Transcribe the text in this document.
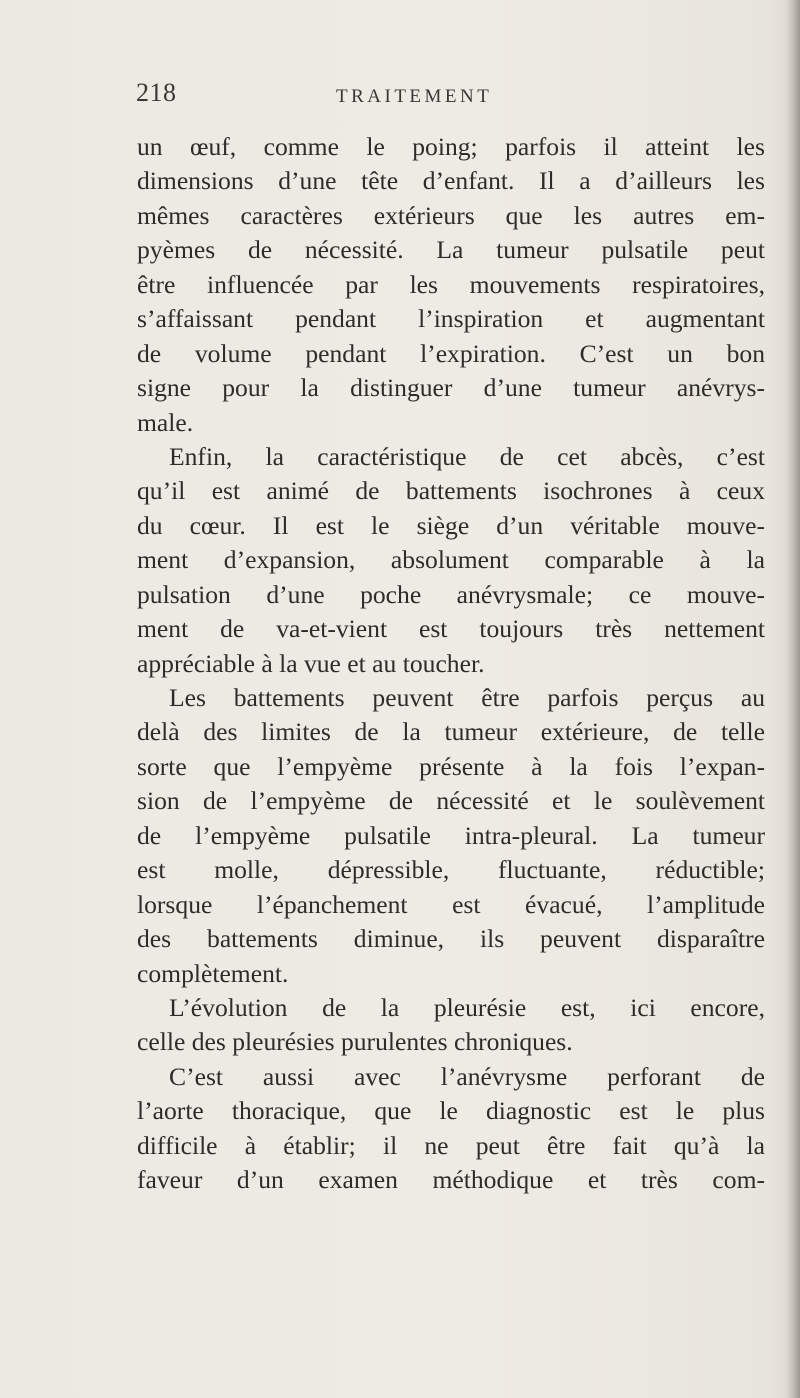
218	TRAITEMENT
un œuf, comme le poing; parfois il atteint les
dimensions d’une tête d’enfant. Il a d’ailleurs les
mêmes caractères extérieurs que les autres em-
pyèmes de nécessité. La tumeur pulsatile peut
être influencée par les mouvements respiratoires,
s’affaissant pendant l’inspiration et augmentant
de volume pendant l’expiration. C’est un bon
signe pour la distinguer d’une tumeur anévrys-
male.
Enfin, la caractéristique de cet abcès, c’est
qu’il est animé de battements isochrones à ceux
du cœur. Il est le siège d’un véritable mouve-
ment d’expansion, absolument comparable à la
pulsation d’une poche anévrysmale; ce mouve-
ment de va-et-vient est toujours très nettement
appréciable à la vue et au toucher.
Les battements peuvent être parfois perçus au
delà des limites de la tumeur extérieure, de telle
sorte que l’empyème présente à la fois l’expan-
sion de l’empyème de nécessité et le soulèvement
de l’empyème pulsatile intra-pleural. La tumeur
est molle, dépressible, fluctuante, réductible;
lorsque l’épanchement est évacué, l’amplitude
des battements diminue, ils peuvent disparaître
complètement.
L’évolution de la pleurésie est, ici encore,
celle des pleurésies purulentes chroniques.
C’est aussi avec l’anévrysme perforant de
l’aorte thoracique, que le diagnostic est le plus
difficile à établir; il ne peut être fait qu’à la
faveur d’un examen méthodique et très com-
